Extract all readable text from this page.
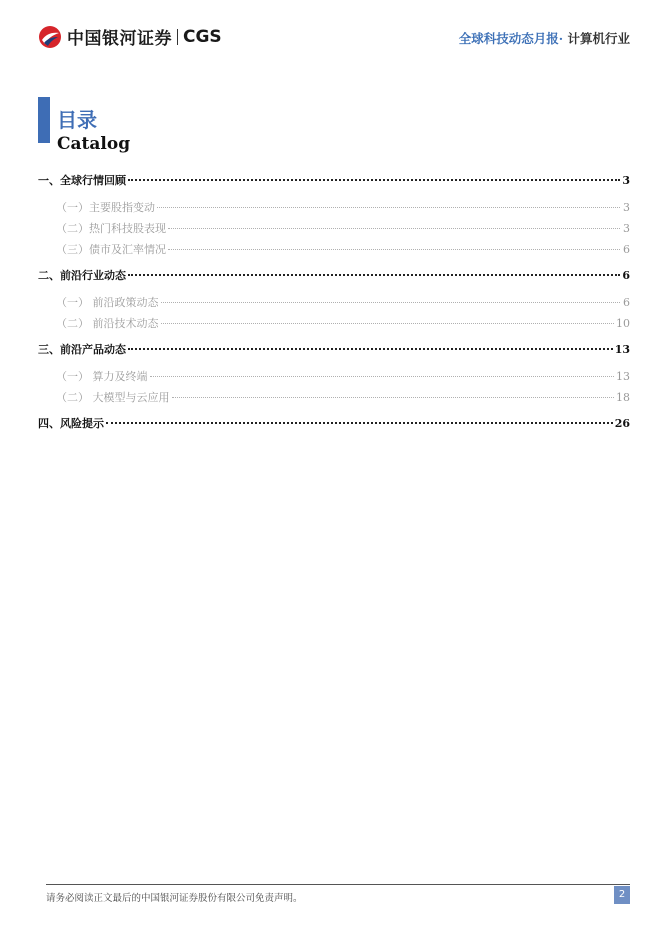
中国银河证券 CGS	全球科技动态月报· 计算机行业
目录
Catalog
一、全球行情回顾	3
（一）主要股指变动	3
（二）热门科技股表现	3
（三）债市及汇率情况	6
二、前沿行业动态	6
（一） 前沿政策动态	6
（二） 前沿技术动态	10
三、前沿产品动态	13
（一） 算力及终端	13
（二） 大模型与云应用	18
四、风险提示	26
请务必阅读正文最后的中国银河证券股份有限公司免责声明。	2
